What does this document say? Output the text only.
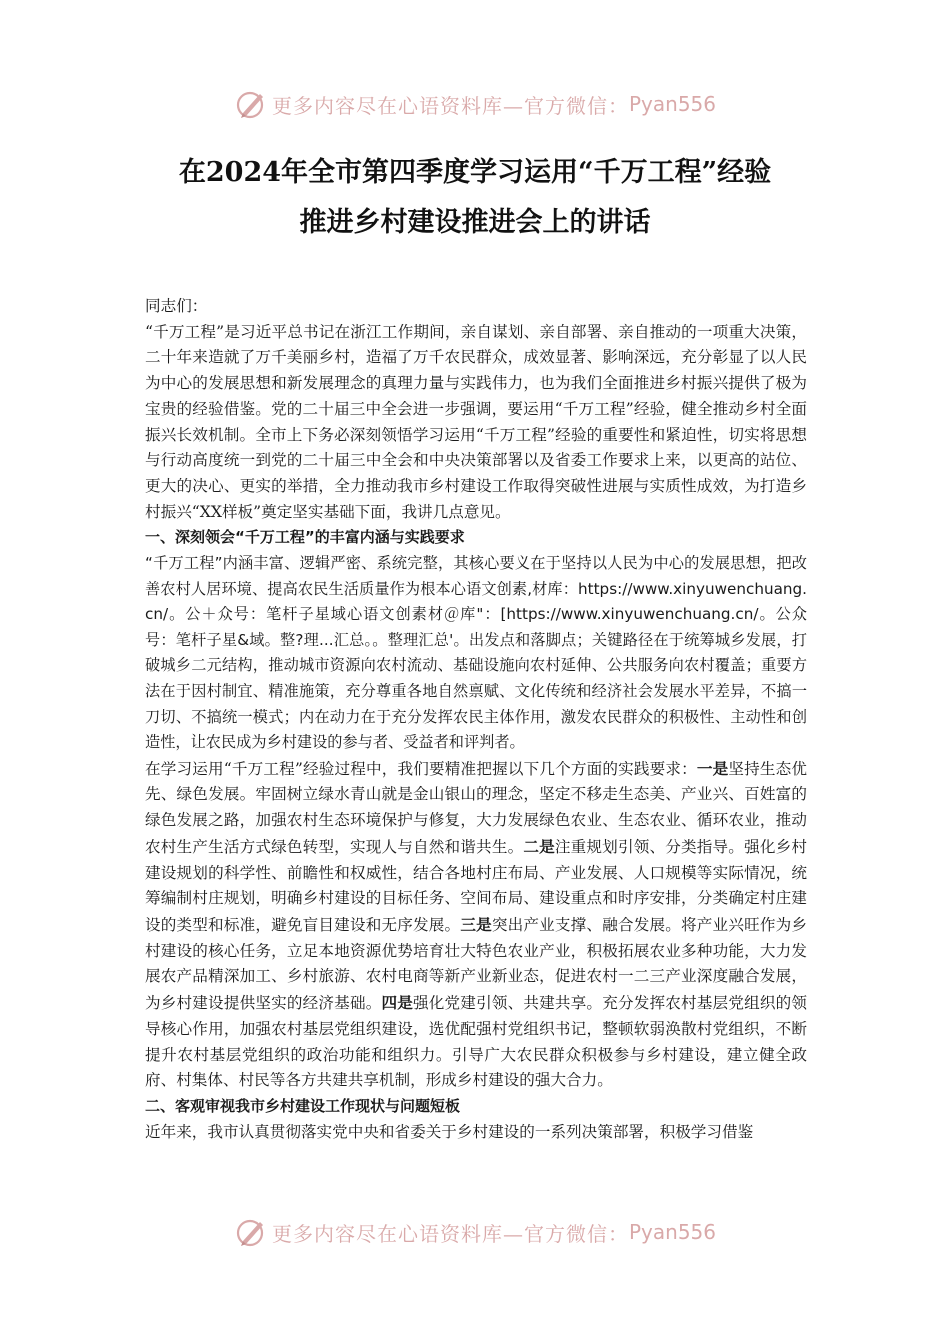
更多内容尽在心语资料库—官方微信： Pyan556
在2024年全市第四季度学习运用“千万工程”经验
推进乡村建设推进会上的讲话

同志们：

“千万工程”是习近平总书记在浙江工作期间，亲自谋划、亲自部署、亲自推动的一项重大决策，二十年来造就了万千美丽乡村，造福了万千农民群众，成效显著、影响深远，充分彰显了以人民为中心的发展思想和新发展理念的真理力量与实践伟力，也为我们全面推进乡村振兴提供了极为宝贵的经验借鉴。党的二十届三中全会进一步强调，要运用“千万工程”经验，健全推动乡村全面振兴长效机制。全市上下务必深刻领悟学习运用“千万工程”经验的重要性和紧迫性，切实将思想与行动高度统一到党的二十届三中全会和中央决策部署以及省委工作要求上来，以更高的站位、更大的决心、更实的举措，全力推动我市乡村建设工作取得突破性进展与实质性成效，为打造乡村振兴“XX样板”奠定坚实基础下面，我讲几点意见。

一、深刻领会“千万工程”的丰富内涵与实践要求

“千万工程”内涵丰富、逻辑严密、系统完整，其核心要义在于坚持以人民为中心的发展思想，把改善农村人居环境、提高农民生活质量作为根本心语文创素,材库：https://www.xinyuwenchuang.cn/。公＋众号：笔杆子星域心语文创素材＠库"：[https://www.xinyuwenchuang.cn/。公众号：笔杆子星&域。整?理...汇总。。整理汇总'。出发点和落脚点；关键路径在于统筹城乡发展，打破城乡二元结构，推动城市资源向农村流动、基础设施向农村延伸、公共服务向农村覆盖；重要方法在于因村制宜、精准施策，充分尊重各地自然禀赋、文化传统和经济社会发展水平差异，不搞一刀切、不搞统一模式；内在动力在于充分发挥农民主体作用，激发农民群众的积极性、主动性和创造性，让农民成为乡村建设的参与者、受益者和评判者。

在学习运用“千万工程”经验过程中，我们要精准把握以下几个方面的实践要求：一是坚持生态优先、绿色发展。牢固树立绿水青山就是金山银山的理念，坚定不移走生态美、产业兴、百姓富的绿色发展之路，加强农村生态环境保护与修复，大力发展绿色农业、生态农业、循环农业，推动农村生产生活方式绿色转型，实现人与自然和谐共生。二是注重规划引领、分类指导。强化乡村建设规划的科学性、前瞻性和权威性，结合各地村庄布局、产业发展、人口规模等实际情况，统筹编制村庄规划，明确乡村建设的目标任务、空间布局、建设重点和时序安排，分类确定村庄建设的类型和标准，避免盲目建设和无序发展。三是突出产业支撑、融合发展。将产业兴旺作为乡村建设的核心任务，立足本地资源优势培育壮大特色农业产业，积极拓展农业多种功能，大力发展农产品精深加工、乡村旅游、农村电商等新产业新业态，促进农村一二三产业深度融合发展，为乡村建设提供坚实的经济基础。四是强化党建引领、共建共享。充分发挥农村基层党组织的领导核心作用，加强农村基层党组织建设，选优配强村党组织书记，整顿软弱涣散村党组织，不断提升农村基层党组织的政治功能和组织力。引导广大农民群众积极参与乡村建设，建立健全政府、村集体、村民等各方共建共享机制，形成乡村建设的强大合力。

二、客观审视我市乡村建设工作现状与问题短板

近年来，我市认真贯彻落实党中央和省委关于乡村建设的一系列决策部署，积极学习借鉴

更多内容尽在心语资料库—官方微信： Pyan556
